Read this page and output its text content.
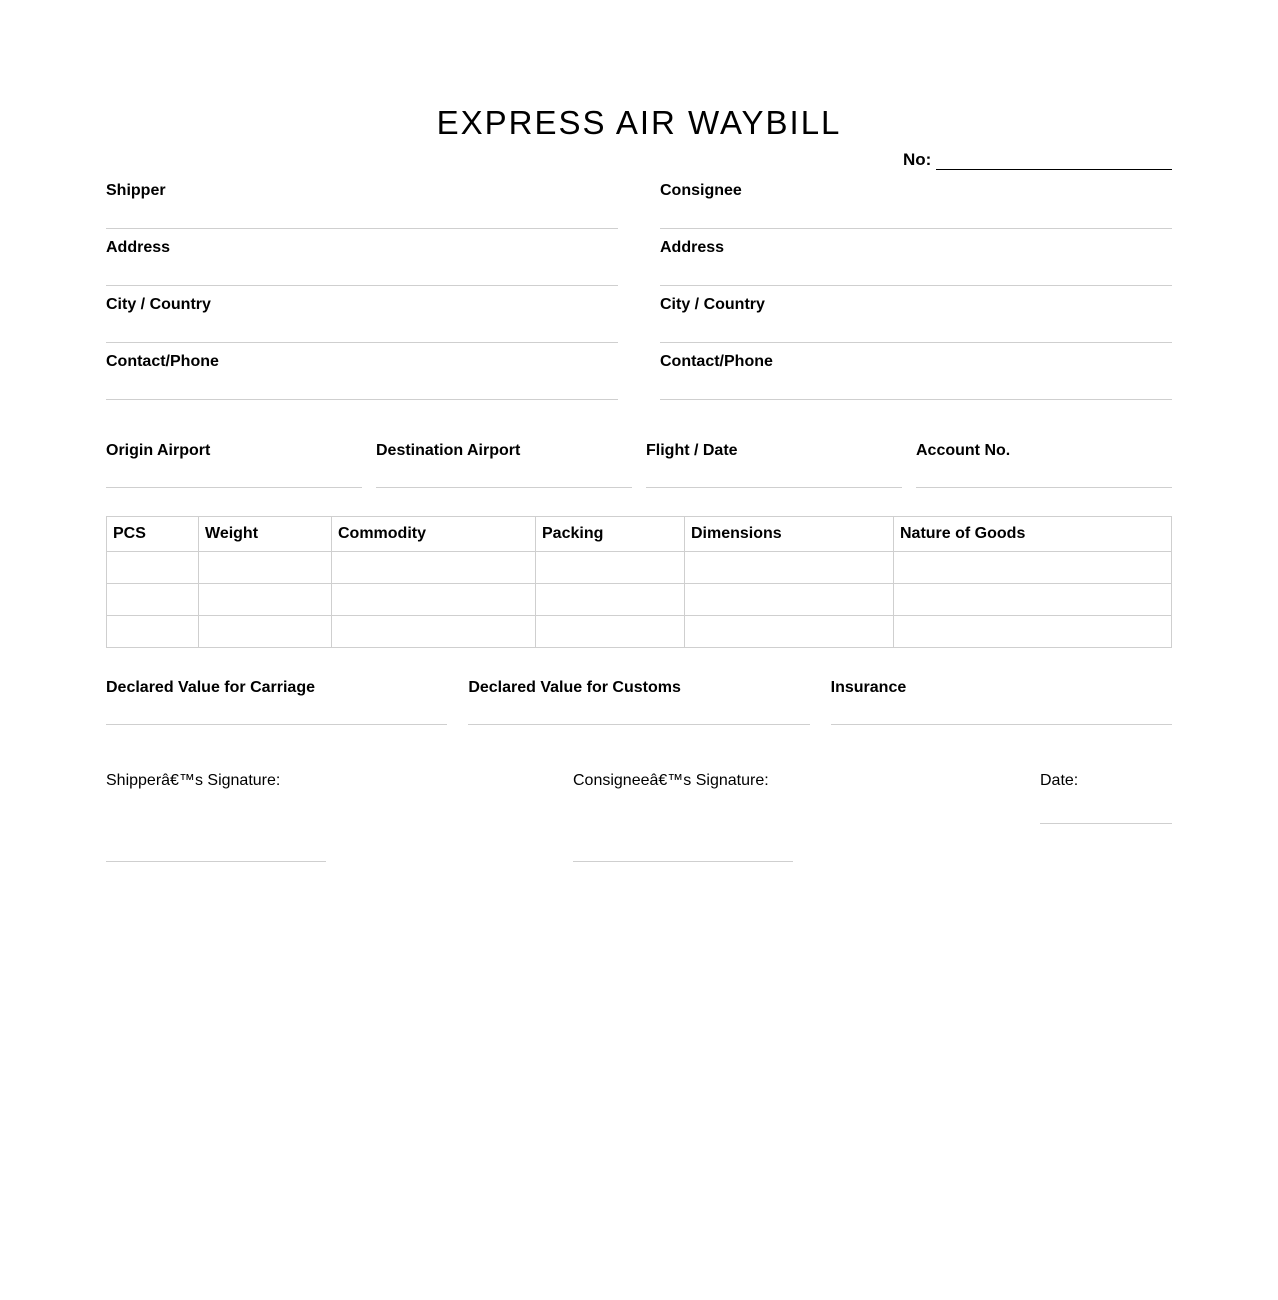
EXPRESS AIR WAYBILL
No:
Shipper
Address
City / Country
Contact/Phone
Consignee
Address
City / Country
Contact/Phone
Origin Airport	Destination Airport	Flight / Date	Account No.
PCS	Weight	Commodity	Packing	Dimensions	Nature of Goods

Declared Value for Carriage	Declared Value for Customs	Insurance
Shipperâ€™s Signature:	Consigneeâ€™s Signature:	Date:
